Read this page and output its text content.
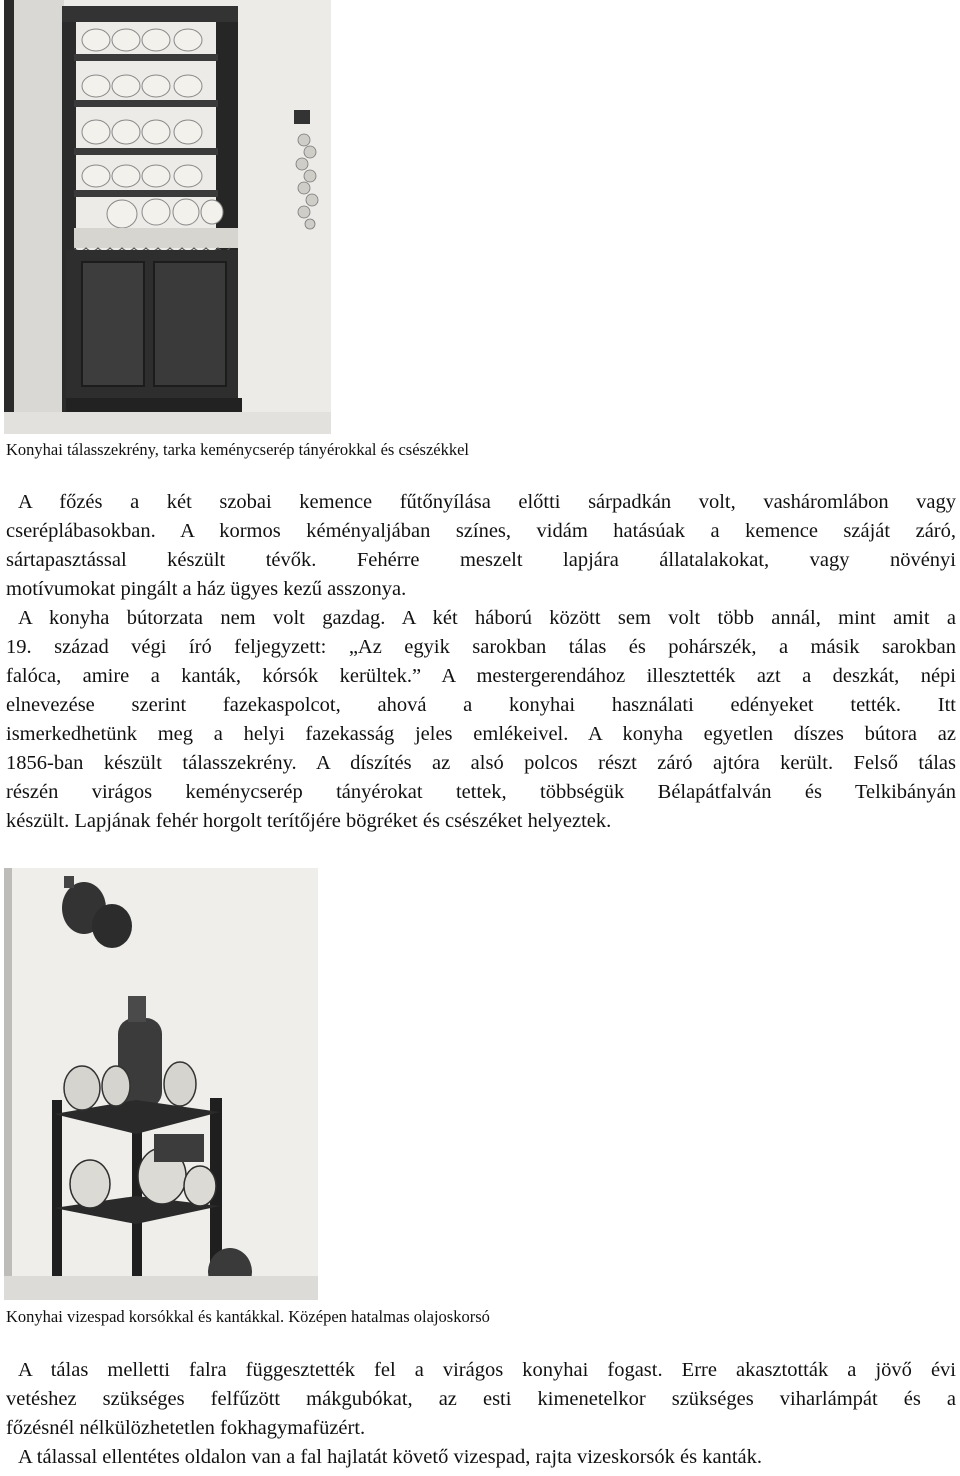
Konyhai tálasszekrény, tarka keménycserép tányérokkal és csészékkel
A főzés a két szobai kemence fűtőnyílása előtti sárpadkán volt, vasháromlábon vagy
cseréplábasokban. A kormos kéményaljában színes, vidám hatásúak a kemence száját záró,
sártapasztással készült tévők. Fehérre meszelt lapjára állatalakokat, vagy növényi
motívumokat pingált a ház ügyes kezű asszonya.
A konyha bútorzata nem volt gazdag. A két háború között sem volt több annál, mint amit a
19. század végi író feljegyzett: „Az egyik sarokban tálas és pohárszék, a másik sarokban
falóca, amire a kanták, kórsók kerültek.” A mestergerendához illesztették azt a deszkát, népi
elnevezése szerint fazekaspolcot, ahová a konyhai használati edényeket tették. Itt
ismerkedhetünk meg a helyi fazekasság jeles emlékeivel. A konyha egyetlen díszes bútora az
1856-ban készült tálasszekrény. A díszítés az alsó polcos részt záró ajtóra került. Felső tálas
részén virágos keménycserép tányérokat tettek, többségük Bélapátfalván és Telkibányán
készült. Lapjának fehér horgolt terítőjére bögréket és csészéket helyeztek.
Konyhai vizespad korsókkal és kantákkal. Középen hatalmas olajoskorsó
A tálas melletti falra függesztették fel a virágos konyhai fogast. Erre akasztották a jövő évi
vetéshez szükséges felfűzött mákgubókat, az esti kimenetelkor szükséges viharlámpát és a
főzésnél nélkülözhetetlen fokhagymafüzért.
A tálassal ellentétes oldalon van a fal hajlatát követő vizespad, rajta vizeskorsók és kanták.
